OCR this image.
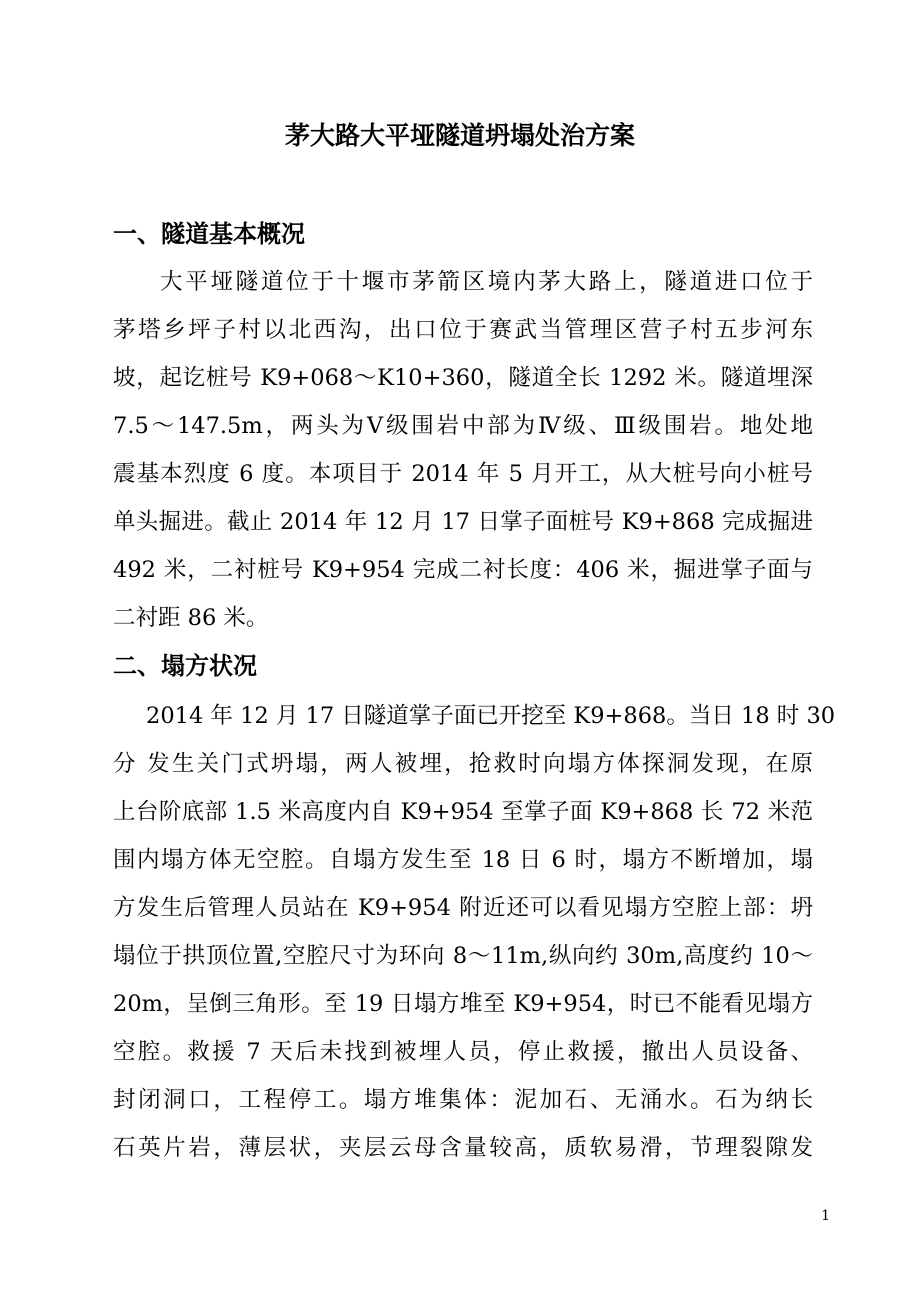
茅大路大平垭隧道坍塌处治方案
一、隧道基本概况
大平垭隧道位于十堰市茅箭区境内茅大路上，隧道进口位于
茅塔乡坪子村以北西沟，出口位于赛武当管理区营子村五步河东
坡，起讫桩号 K9+068～K10+360，隧道全长 1292 米。隧道埋深
7.5～147.5m，两头为Ⅴ级围岩中部为Ⅳ级、Ⅲ级围岩。地处地
震基本烈度 6 度。本项目于 2014 年 5 月开工，从大桩号向小桩号
单头掘进。截止 2014 年 12 月 17 日掌子面桩号 K9+868 完成掘进
492 米，二衬桩号 K9+954 完成二衬长度：406 米，掘进掌子面与
二衬距 86 米。
二、塌方状况
2014 年 12 月 17 日隧道掌子面已开挖至 K9+868。当日 18 时 30
分 发生关门式坍塌，两人被埋，抢救时向塌方体探洞发现，在原
上台阶底部 1.5 米高度内自 K9+954 至掌子面 K9+868 长 72 米范
围内塌方体无空腔。自塌方发生至 18 日 6 时，塌方不断增加，塌
方发生后管理人员站在 K9+954 附近还可以看见塌方空腔上部：坍
塌位于拱顶位置,空腔尺寸为环向 8～11m,纵向约 30m,高度约 10～
20m，呈倒三角形。至 19 日塌方堆至 K9+954，时已不能看见塌方
空腔。救援 7 天后未找到被埋人员，停止救援，撤出人员设备、
封闭洞口，工程停工。塌方堆集体：泥加石、无涌水。石为纳长
石英片岩，薄层状，夹层云母含量较高，质软易滑，节理裂隙发
1
